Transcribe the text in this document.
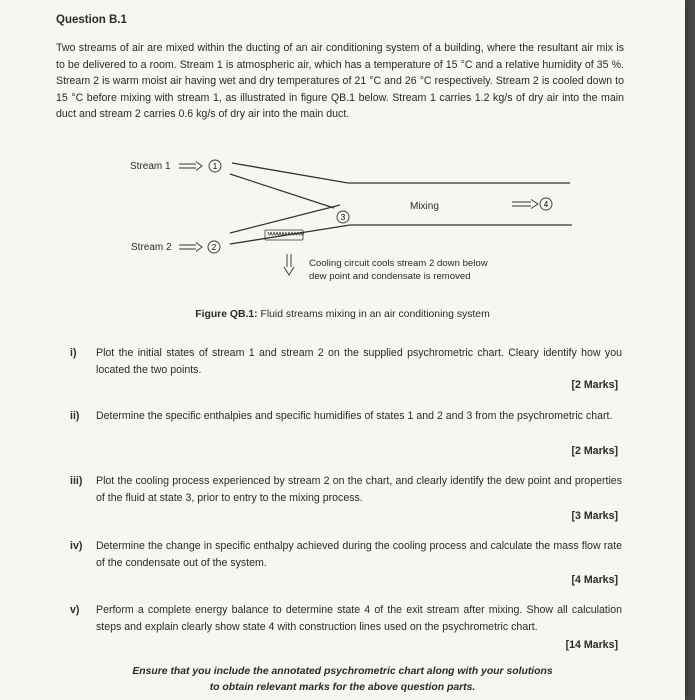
Question B.1
Two streams of air are mixed within the ducting of an air conditioning system of a building, where the resultant air mix is to be delivered to a room. Stream 1 is atmospheric air, which has a temperature of 15 °C and a relative humidity of 35 %. Stream 2 is warm moist air having wet and dry temperatures of 21 °C and 26 °C respectively. Stream 2 is cooled down to 15 °C before mixing with stream 1, as illustrated in figure QB.1 below. Stream 1 carries 1.2 kg/s of dry air into the main duct and stream 2 carries 0.6 kg/s of dry air into the main duct.
Stream 1	1
Stream 2	2
3
Mixing	4
Cooling circuit cools stream 2 down below
dew point and condensate is removed
Figure QB.1: Fluid streams mixing in an air conditioning system
i) Plot the initial states of stream 1 and stream 2 on the supplied psychrometric chart. Cleary identify how you located the two points.
[2 Marks]
ii) Determine the specific enthalpies and specific humidifies of states 1 and 2 and 3 from the psychrometric chart.
[2 Marks]
iii) Plot the cooling process experienced by stream 2 on the chart, and clearly identify the dew point and properties of the fluid at state 3, prior to entry to the mixing process.
[3 Marks]
iv) Determine the change in specific enthalpy achieved during the cooling process and calculate the mass flow rate of the condensate out of the system.
[4 Marks]
v) Perform a complete energy balance to determine state 4 of the exit stream after mixing. Show all calculation steps and explain clearly show state 4 with construction lines used on the psychrometric chart.
[14 Marks]
Ensure that you include the annotated psychrometric chart along with your solutions
to obtain relevant marks for the above question parts.
